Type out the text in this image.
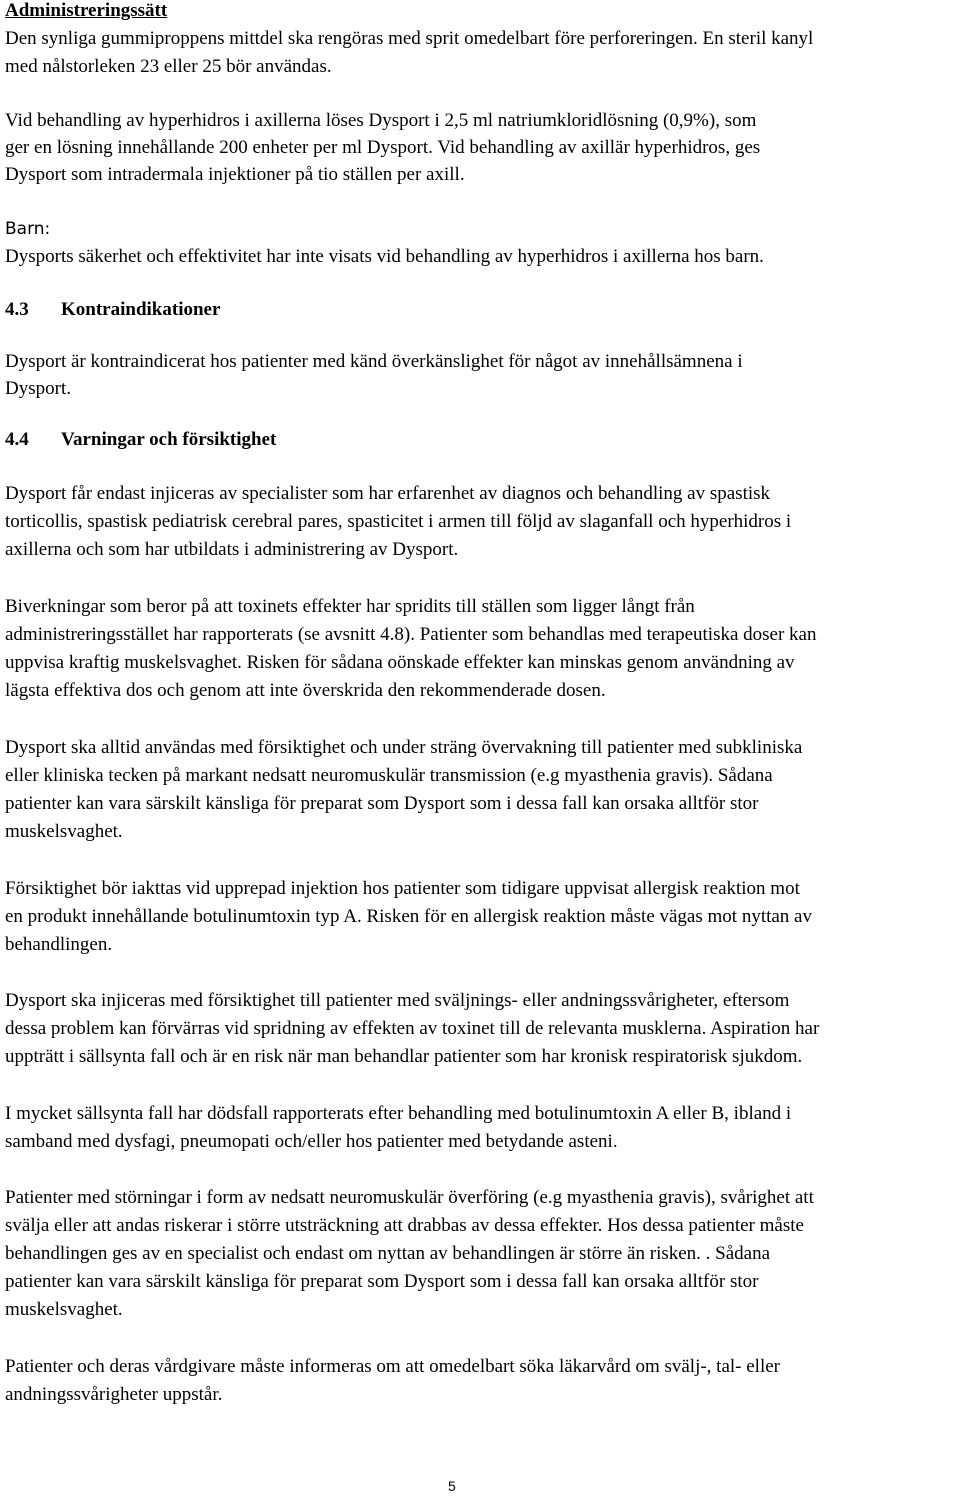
Administreringssätt
Den synliga gummiproppens mittdel ska rengöras med sprit omedelbart före perforeringen. En steril kanyl
med nålstorleken 23 eller 25 bör användas.
Vid behandling av hyperhidros i axillerna löses Dysport i 2,5 ml natriumkloridlösning (0,9%), som
ger en lösning innehållande 200 enheter per ml Dysport. Vid behandling av axillär hyperhidros, ges
Dysport som intradermala injektioner på tio ställen per axill.
Barn:
Dysports säkerhet och effektivitet har inte visats vid behandling av hyperhidros i axillerna hos barn.
4.3 Kontraindikationer
Dysport är kontraindicerat hos patienter med känd överkänslighet för något av innehållsämnena i
Dysport.
4.4 Varningar och försiktighet
Dysport får endast injiceras av specialister som har erfarenhet av diagnos och behandling av spastisk
torticollis, spastisk pediatrisk cerebral pares, spasticitet i armen till följd av slaganfall och hyperhidros i
axillerna och som har utbildats i administrering av Dysport.
Biverkningar som beror på att toxinets effekter har spridits till ställen som ligger långt från
administreringsstället har rapporterats (se avsnitt 4.8). Patienter som behandlas med terapeutiska doser kan
uppvisa kraftig muskelsvaghet. Risken för sådana oönskade effekter kan minskas genom användning av
lägsta effektiva dos och genom att inte överskrida den rekommenderade dosen.
Dysport ska alltid användas med försiktighet och under sträng övervakning till patienter med subkliniska
eller kliniska tecken på markant nedsatt neuromuskulär transmission (e.g myasthenia gravis). Sådana
patienter kan vara särskilt känsliga för preparat som Dysport som i dessa fall kan orsaka alltför stor
muskelsvaghet.
Försiktighet bör iakttas vid upprepad injektion hos patienter som tidigare uppvisat allergisk reaktion mot
en produkt innehållande botulinumtoxin typ A. Risken för en allergisk reaktion måste vägas mot nyttan av
behandlingen.
Dysport ska injiceras med försiktighet till patienter med sväljnings- eller andningssvårigheter, eftersom
dessa problem kan förvärras vid spridning av effekten av toxinet till de relevanta musklerna. Aspiration har
uppträtt i sällsynta fall och är en risk när man behandlar patienter som har kronisk respiratorisk sjukdom.
I mycket sällsynta fall har dödsfall rapporterats efter behandling med botulinumtoxin A eller B, ibland i
samband med dysfagi, pneumopati och/eller hos patienter med betydande asteni.
Patienter med störningar i form av nedsatt neuromuskulär överföring (e.g myasthenia gravis), svårighet att
svälja eller att andas riskerar i större utsträckning att drabbas av dessa effekter. Hos dessa patienter måste
behandlingen ges av en specialist och endast om nyttan av behandlingen är större än risken. . Sådana
patienter kan vara särskilt känsliga för preparat som Dysport som i dessa fall kan orsaka alltför stor
muskelsvaghet.
Patienter och deras vårdgivare måste informeras om att omedelbart söka läkarvård om svälj-, tal- eller
andningssvårigheter uppstår.
5
